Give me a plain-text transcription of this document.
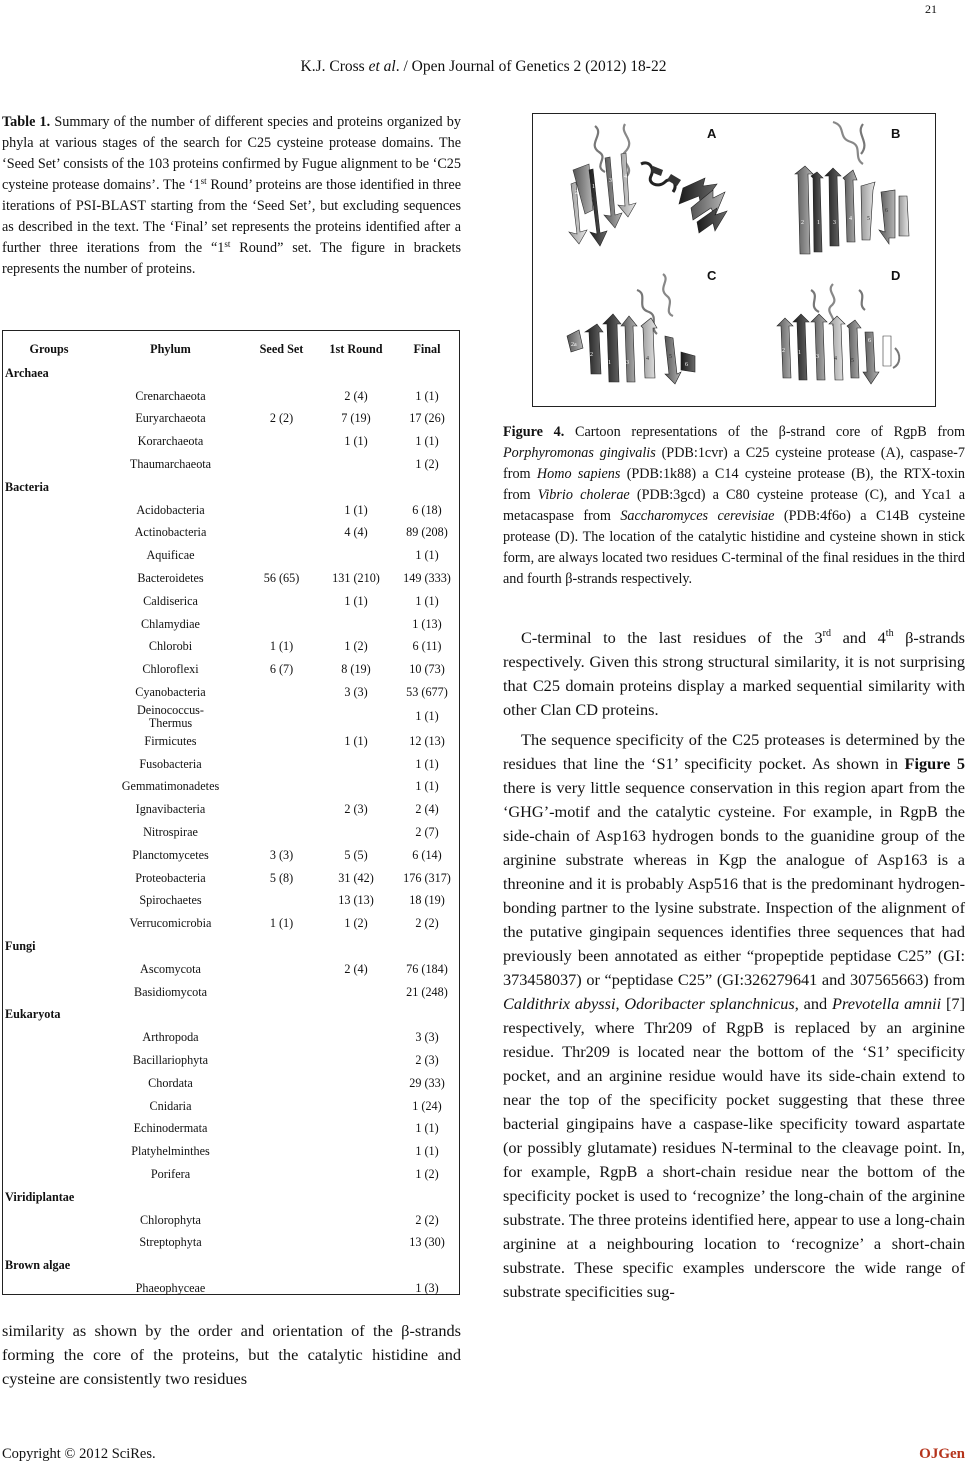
21
K.J. Cross et al. / Open Journal of Genetics 2 (2012) 18-22

Table 1. Summary of the number of different species and proteins organized by phyla at various stages of the search for C25 cysteine protease domains. The ‘Seed Set’ consists of the 103 proteins confirmed by Fugue alignment to be ‘C25 cysteine protease domains’. The ‘1st Round’ proteins are those identified in three iterations of PSI-BLAST starting from the ‘Seed Set’, but excluding sequences as described in the text. The ‘Final’ set represents the proteins identified after a further three iterations from the “1st Round” set. The figure in brackets represents the number of proteins.

Groups	Phylum	Seed Set	1st Round	Final
Archaea				
	Crenarchaeota		2 (4)	1 (1)
	Euryarchaeota	2 (2)	7 (19)	17 (26)
	Korarchaeota		1 (1)	1 (1)
	Thaumarchaeota			1 (2)
Bacteria				
	Acidobacteria		1 (1)	6 (18)
	Actinobacteria		4 (4)	89 (208)
	Aquificae			1 (1)
	Bacteroidetes	56 (65)	131 (210)	149 (333)
	Caldiserica		1 (1)	1 (1)
	Chlamydiae			1 (13)
	Chlorobi	1 (1)	1 (2)	6 (11)
	Chloroflexi	6 (7)	8 (19)	10 (73)
	Cyanobacteria		3 (3)	53 (677)
	Deinococcus-
Thermus			1 (1)
	Firmicutes		1 (1)	12 (13)
	Fusobacteria			1 (1)
	Gemmatimonadetes			1 (1)
	Ignavibacteria		2 (3)	2 (4)
	Nitrospirae			2 (7)
	Planctomycetes	3 (3)	5 (5)	6 (14)
	Proteobacteria	5 (8)	31 (42)	176 (317)
	Spirochaetes		13 (13)	18 (19)
	Verrucomicrobia	1 (1)	1 (2)	2 (2)
Fungi				
	Ascomycota		2 (4)	76 (184)
	Basidiomycota			21 (248)
Eukaryota				
	Arthropoda			3 (3)
	Bacillariophyta			2 (3)
	Chordata			29 (33)
	Cnidaria			1 (24)
	Echinodermata			1 (1)
	Platyhelminthes			1 (1)
	Porifera			1 (2)
Viridiplantae				
	Chlorophyta			2 (2)
	Streptophyta			13 (30)
Brown algae				
	Phaeophyceae			1 (3)

similarity as shown by the order and orientation of the β-strands forming the core of the proteins, but the catalytic histidine and cysteine are consistently two residues

2
1
3
4
5
6
A
2 1 3
4	5
6
B
2a
2
1	3
4	5
6
C
2 1
3	4 5
6
D

Figure 4. Cartoon representations of the β-strand core of RgpB from Porphyromonas gingivalis (PDB:1cvr) a C25 cysteine protease (A), caspase-7 from Homo sapiens (PDB:1k88) a C14 cysteine protease (B), the RTX-toxin from Vibrio cholerae (PDB:3gcd) a C80 cysteine protease (C), and Yca1 a metacaspase from Saccharomyces cerevisiae (PDB:4f6o) a C14B cysteine protease (D). The location of the catalytic histidine and cysteine shown in stick form, are always located two residues C-terminal of the final residues in the third and fourth β-strands respectively.

C-terminal to the last residues of the 3rd and 4th β-strands respectively. Given this strong structural similarity, it is not surprising that C25 domain proteins display a marked sequential similarity with other Clan CD proteins.

The sequence specificity of the C25 proteases is determined by the residues that line the ‘S1’ specificity pocket. As shown in Figure 5 there is very little sequence conservation in this region apart from the ‘GHG’-motif and the catalytic cysteine. For example, in RgpB the side-chain of Asp163 hydrogen bonds to the guanidine group of the arginine substrate whereas in Kgp the analogue of Asp163 is a threonine and it is probably Asp516 that is the predominant hydrogen-bonding partner to the lysine substrate. Inspection of the alignment of the putative gingipain sequences identifies three sequences that had previously been annotated as either “propeptide peptidase C25” (GI: 373458037) or “peptidase C25” (GI:326279641 and 307565663) from Caldithrix abyssi, Odoribacter splanchnicus, and Prevotella amnii [7] respectively, where Thr209 of RgpB is replaced by an arginine residue. Thr209 is located near the bottom of the ‘S1’ specificity pocket, and an arginine residue would have its side-chain extend to near the top of the specificity pocket suggesting that these three bacterial gingipains have a caspase-like specificity toward aspartate (or possibly glutamate) residues N-terminal to the cleavage point. In, for example, RgpB a short-chain residue near the bottom of the specificity pocket is used to ‘recognize’ the long-chain of the arginine substrate. The three proteins identified here, appear to use a long-chain arginine at a neighbouring location to ‘recognize’ a short-chain substrate. These specific examples underscore the wide range of substrate specificities sug-

Copyright © 2012 SciRes.	OJGen
